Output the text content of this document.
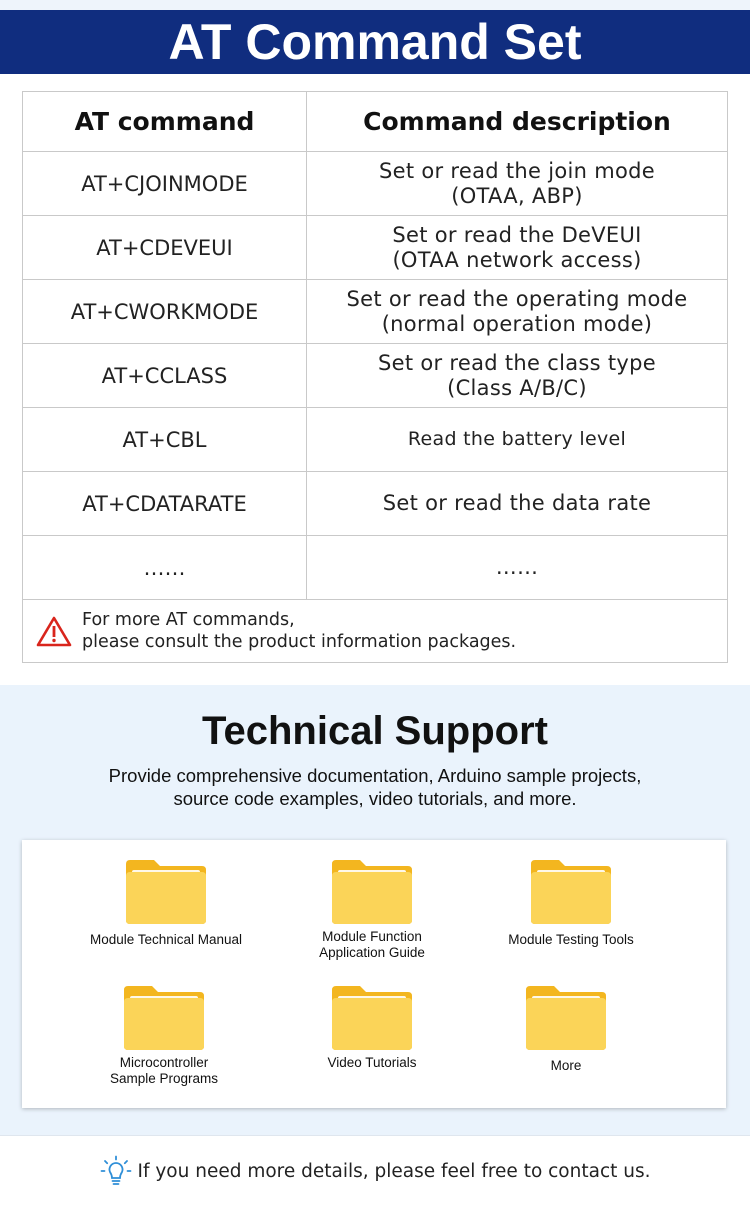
AT Command Set
AT command	Command description
AT+CJOINMODE	Set or read the join mode
(OTAA, ABP)

AT+CDEVEUI	Set or read the DeVEUI
(OTAA network access)

AT+CWORKMODE	Set or read the operating mode
(normal operation mode)

AT+CCLASS	Set or read the class type
(Class A/B/C)

AT+CBL	Read the battery level

AT+CDATARATE	Set or read the data rate

……	……

For more AT commands,
please consult the product information packages.	
Technical Support
Provide comprehensive documentation, Arduino sample projects,
source code examples, video tutorials, and more.
Module Technical Manual	Module Function
Application Guide
Module Testing Tools
Microcontroller
Sample Programs
Video Tutorials	More
If you need more details, please feel free to contact us.
